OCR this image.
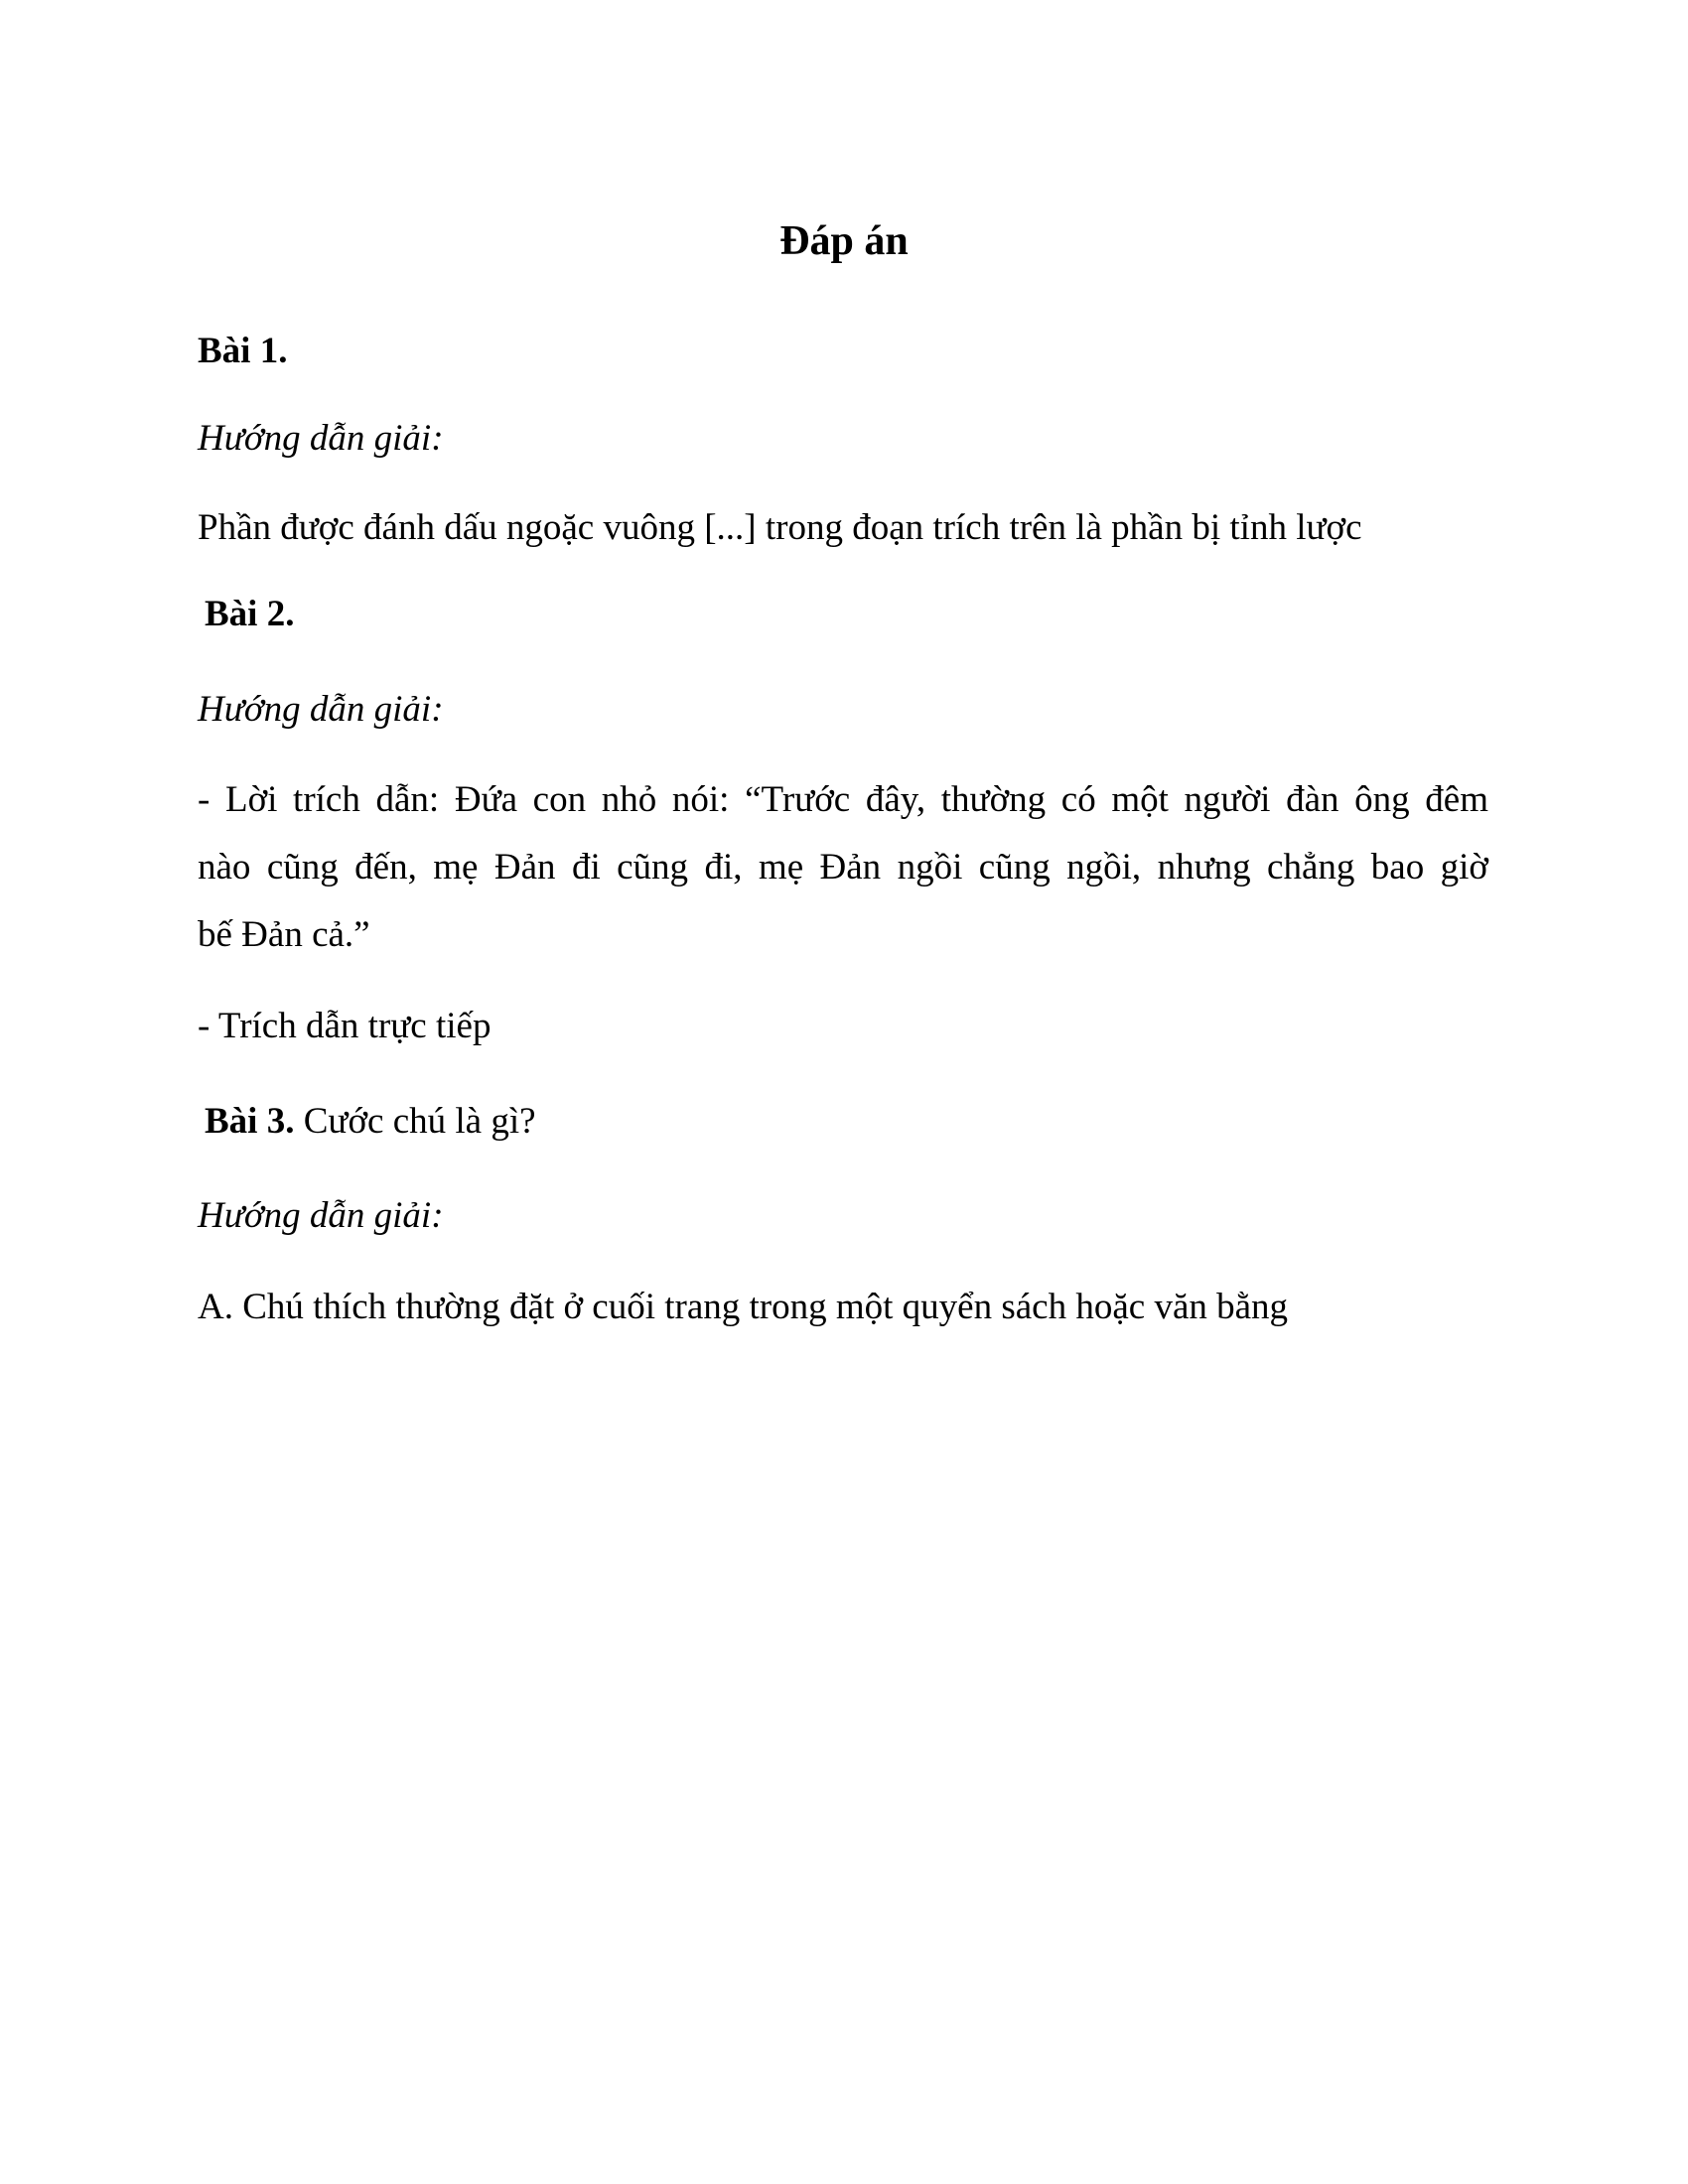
Đáp án

Bài 1.

Hướng dẫn giải:

Phần được đánh dấu ngoặc vuông [...] trong đoạn trích trên là phần bị tỉnh lược

Bài 2.

Hướng dẫn giải:

- Lời trích dẫn: Đứa con nhỏ nói: “Trước đây, thường có một người đàn ông đêm

nào cũng đến, mẹ Đản đi cũng đi, mẹ Đản ngồi cũng ngồi, nhưng chẳng bao giờ

bế Đản cả.”

- Trích dẫn trực tiếp

Bài 3. Cước chú là gì?

Hướng dẫn giải:

A. Chú thích thường đặt ở cuối trang trong một quyển sách hoặc văn bằng
